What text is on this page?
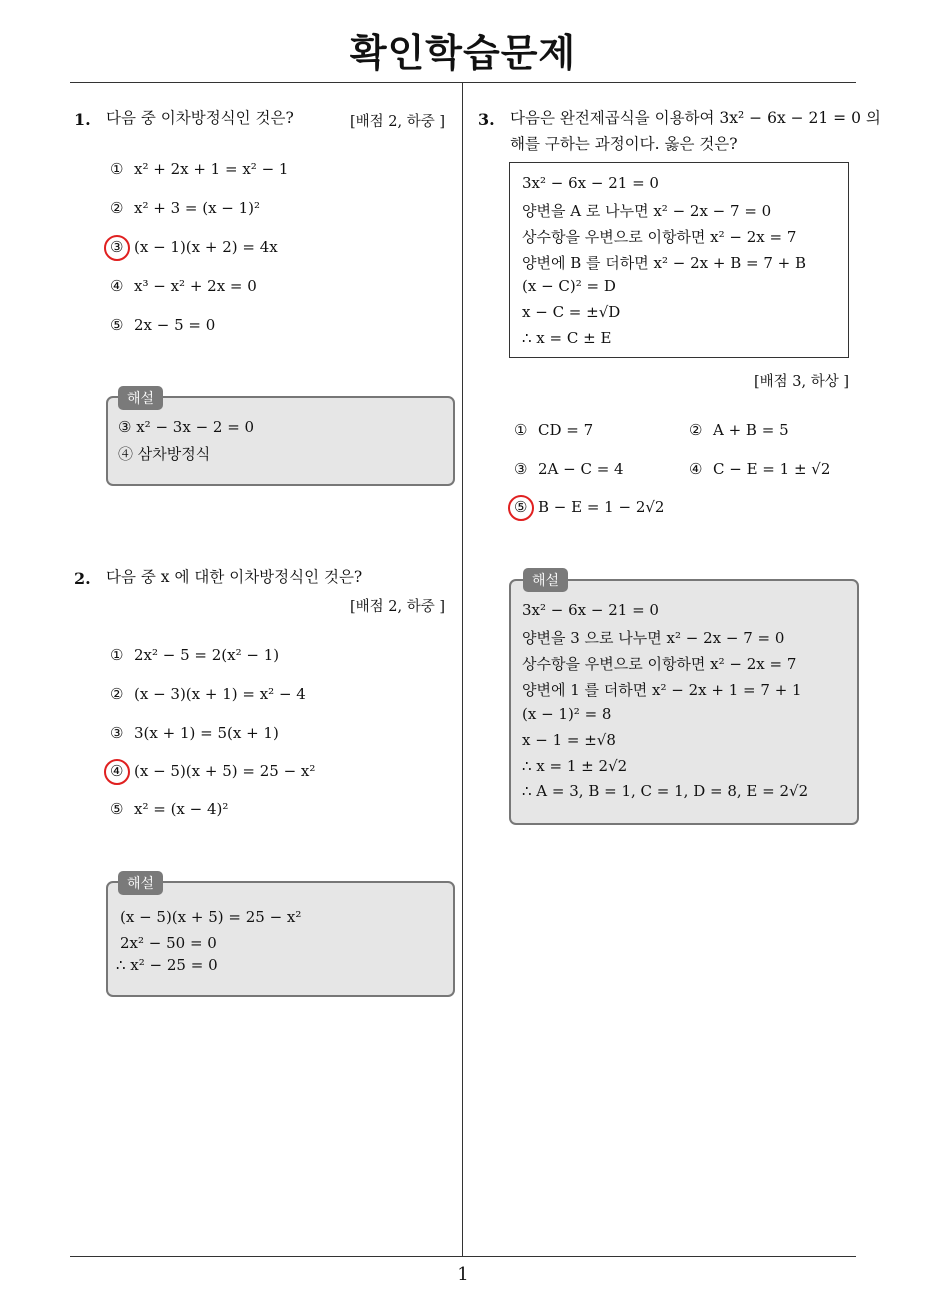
확인학습문제
1
1. 다음 중 이차방정식인 것은?	[배점 2, 하중 ]
① x² + 2x + 1 = x² − 1
② x² + 3 = (x − 1)²
③ (x − 1)(x + 2) = 4x
④ x³ − x² + 2x = 0
⑤ 2x − 5 = 0
해설
③ x² − 3x − 2 = 0
④ 삼차방정식
2. 다음 중 x 에 대한 이차방정식인 것은?
[배점 2, 하중 ]
① 2x² − 5 = 2(x² − 1)
② (x − 3)(x + 1) = x² − 4
③ 3(x + 1) = 5(x + 1)
④ (x − 5)(x + 5) = 25 − x²
⑤ x² = (x − 4)²
해설
(x − 5)(x + 5) = 25 − x²
2x² − 50 = 0
∴ x² − 25 = 0
3. 다음은 완전제곱식을 이용하여 3x² − 6x − 21 = 0 의
해를 구하는 과정이다. 옳은 것은?
3x² − 6x − 21 = 0
양변을 A 로 나누면 x² − 2x − 7 = 0
상수항을 우변으로 이항하면 x² − 2x = 7
양변에 B 를 더하면 x² − 2x + B = 7 + B
(x − C)² = D
x − C = ±√D
∴ x = C ± E
[배점 3, 하상 ]
① CD = 7	② A + B = 5
③ 2A − C = 4	④ C − E = 1 ± √2
⑤ B − E = 1 − 2√2
해설
3x² − 6x − 21 = 0
양변을 3 으로 나누면 x² − 2x − 7 = 0
상수항을 우변으로 이항하면 x² − 2x = 7
양변에 1 를 더하면 x² − 2x + 1 = 7 + 1
(x − 1)² = 8
x − 1 = ±√8
∴ x = 1 ± 2√2
∴ A = 3, B = 1, C = 1, D = 8, E = 2√2
